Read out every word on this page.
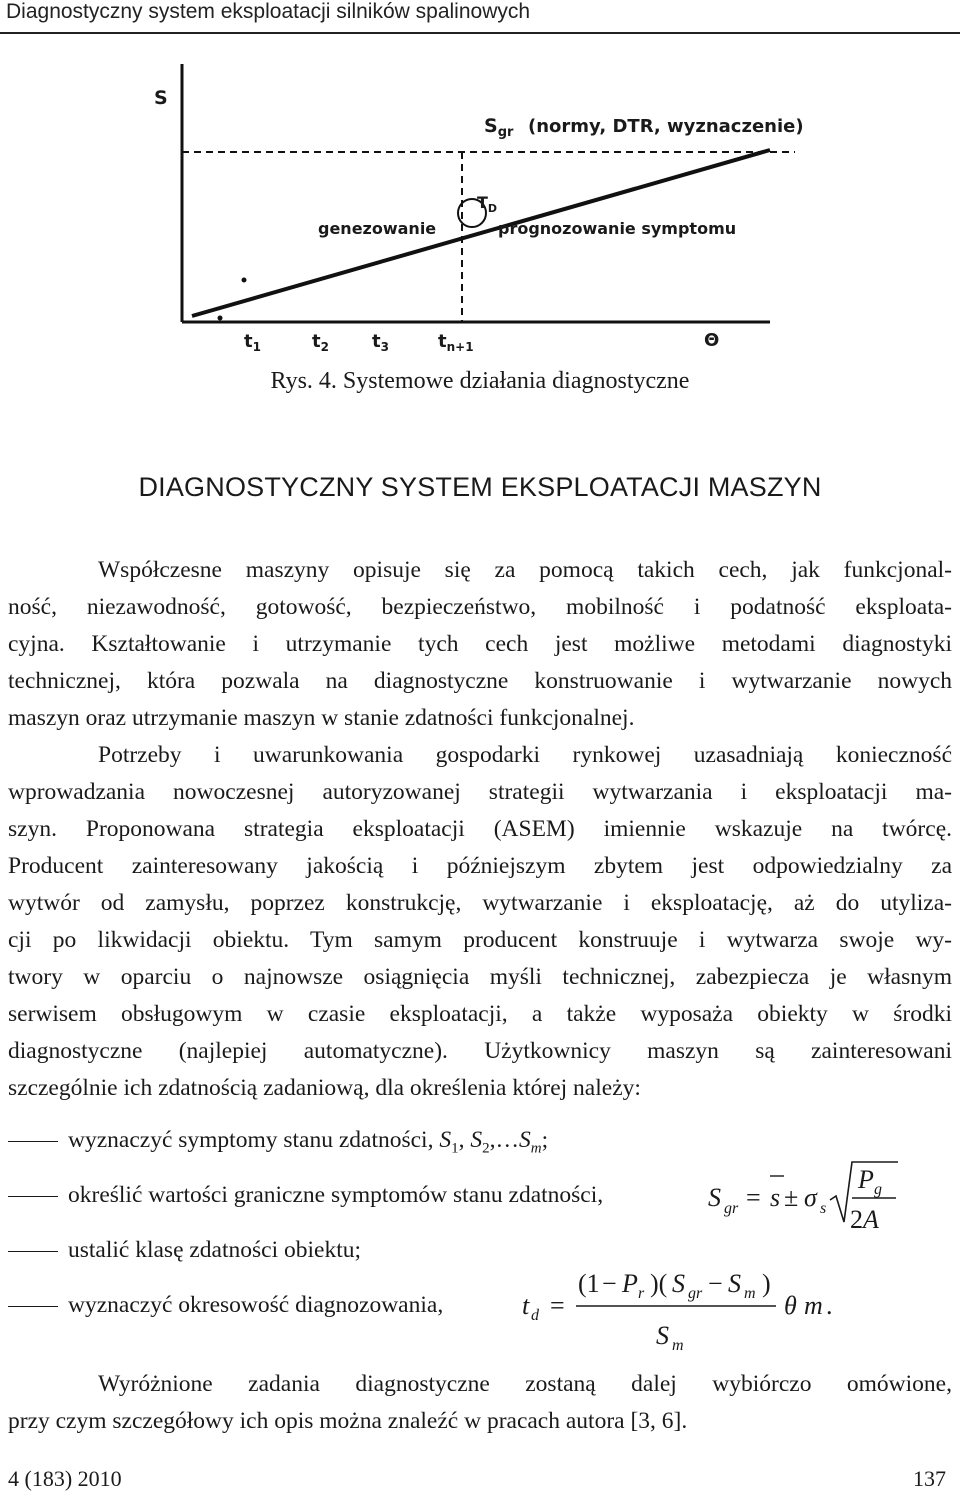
Diagnostyczny system eksploatacji silników spalinowych
S
Θ
$S_{gr}$ (normy, DTR, wyznaczenie)
$T_D$
genezowanie	prognozowanie symptomu
$t_1$	$t_2$ $t_3$	$t_{n+1}$
Rys. 4. Systemowe działania diagnostyczne
DIAGNOSTYCZNY SYSTEM EKSPLOATACJI MASZYN
Współczesne maszyny opisuje się za pomocą takich cech, jak funkcjonal-
ność, niezawodność, gotowość, bezpieczeństwo, mobilność i podatność eksploata-
cyjna. Kształtowanie i utrzymanie tych cech jest możliwe metodami diagnostyki
technicznej, która pozwala na diagnostyczne konstruowanie i wytwarzanie nowych
maszyn oraz utrzymanie maszyn w stanie zdatności funkcjonalnej.
Potrzeby i uwarunkowania gospodarki rynkowej uzasadniają konieczność
wprowadzania nowoczesnej autoryzowanej strategii wytwarzania i eksploatacji ma-
szyn. Proponowana strategia eksploatacji (ASEM) imiennie wskazuje na twórcę.
Producent zainteresowany jakością i późniejszym zbytem jest odpowiedzialny za
wytwór od zamysłu, poprzez konstrukcję, wytwarzanie i eksploatację, aż do utyliza-
cji po likwidacji obiektu. Tym samym producent konstruuje i wytwarza swoje wy-
twory w oparciu o najnowsze osiągnięcia myśli technicznej, zabezpiecza je własnym
serwisem obsługowym w czasie eksploatacji, a także wyposaża obiekty w środki
diagnostyczne (najlepiej automatyczne). Użytkownicy maszyn są zainteresowani
szczególnie ich zdatnością zadaniową, dla określenia której należy:
wyznaczyć symptomy stanu zdatności, $S_1$, $S_2,\dots S_m$;
określić wartości graniczne symptomów stanu zdatności,	S gr = s ± σ s
P g
2A
ustalić klasę zdatności obiektu;
wyznaczyć okresowość diagnozowania,	t d =
(1 − P r )( S gr − S m )
S m
θ m .
Wyróżnione zadania diagnostyczne zostaną dalej wybiórczo omówione,
przy czym szczegółowy ich opis można znaleźć w pracach autora [3, 6].
4 (183) 2010	137
